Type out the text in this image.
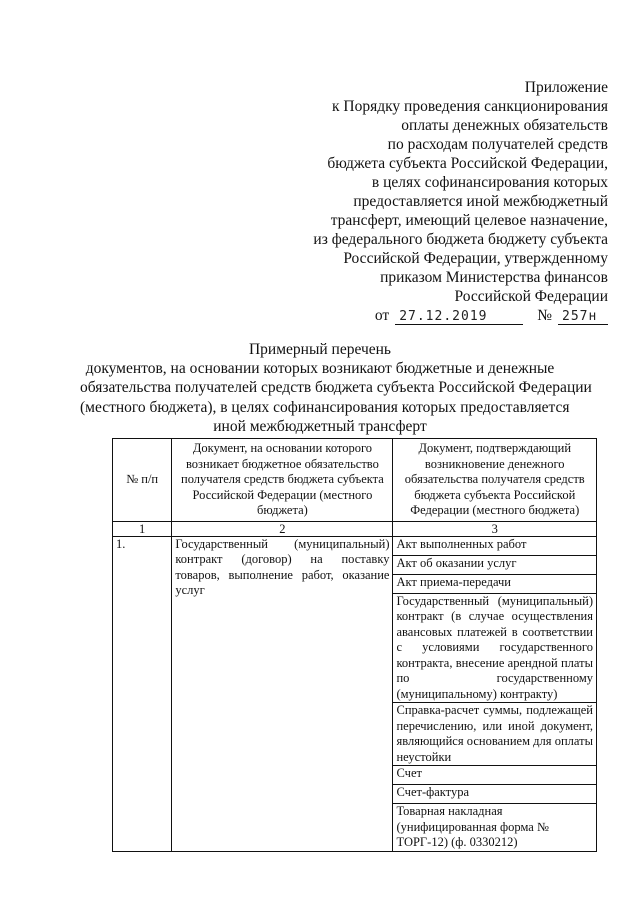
Приложение
к Порядку проведения санкционирования
оплаты денежных обязательств
по расходам получателей средств
бюджета субъекта Российской Федерации,
в целях софинансирования которых
предоставляется иной межбюджетный
трансферт, имеющий целевое назначение,
из федерального бюджета бюджету субъекта
Российской Федерации, утвержденному
приказом Министерства финансов
Российской Федерации
от 27.12.2019	№ 257н
Примерный перечень
документов, на основании которых возникают бюджетные и денежные
обязательства получателей средств бюджета субъекта Российской Федерации
(местного бюджета), в целях софинансирования которых предоставляется
иной межбюджетный трансферт
№ п/п	Документ, на основании которого возникает бюджетное обязательство получателя средств бюджета субъекта Российской Федерации (местного бюджета)	Документ, подтверждающий возникновение денежного обязательства получателя средств бюджета субъекта Российской Федерации (местного бюджета)
1	2	3
1.	Государственный (муниципальный) контракт (договор) на поставку товаров, выполнение работ, оказание услуг	Акт выполненных работ
		Акт об оказании услуг
		Акт приема-передачи
		Государственный (муниципальный) контракт (в случае осуществления авансовых платежей в соответствии с условиями государственного контракта, внесение арендной платы по государственному (муниципальному) контракту)
		Справка-расчет суммы, подлежащей перечислению, или иной документ, являющийся основанием для оплаты неустойки
		Счет
		Счет-фактура
		Товарная накладная (унифицированная форма № ТОРГ-12) (ф. 0330212)
